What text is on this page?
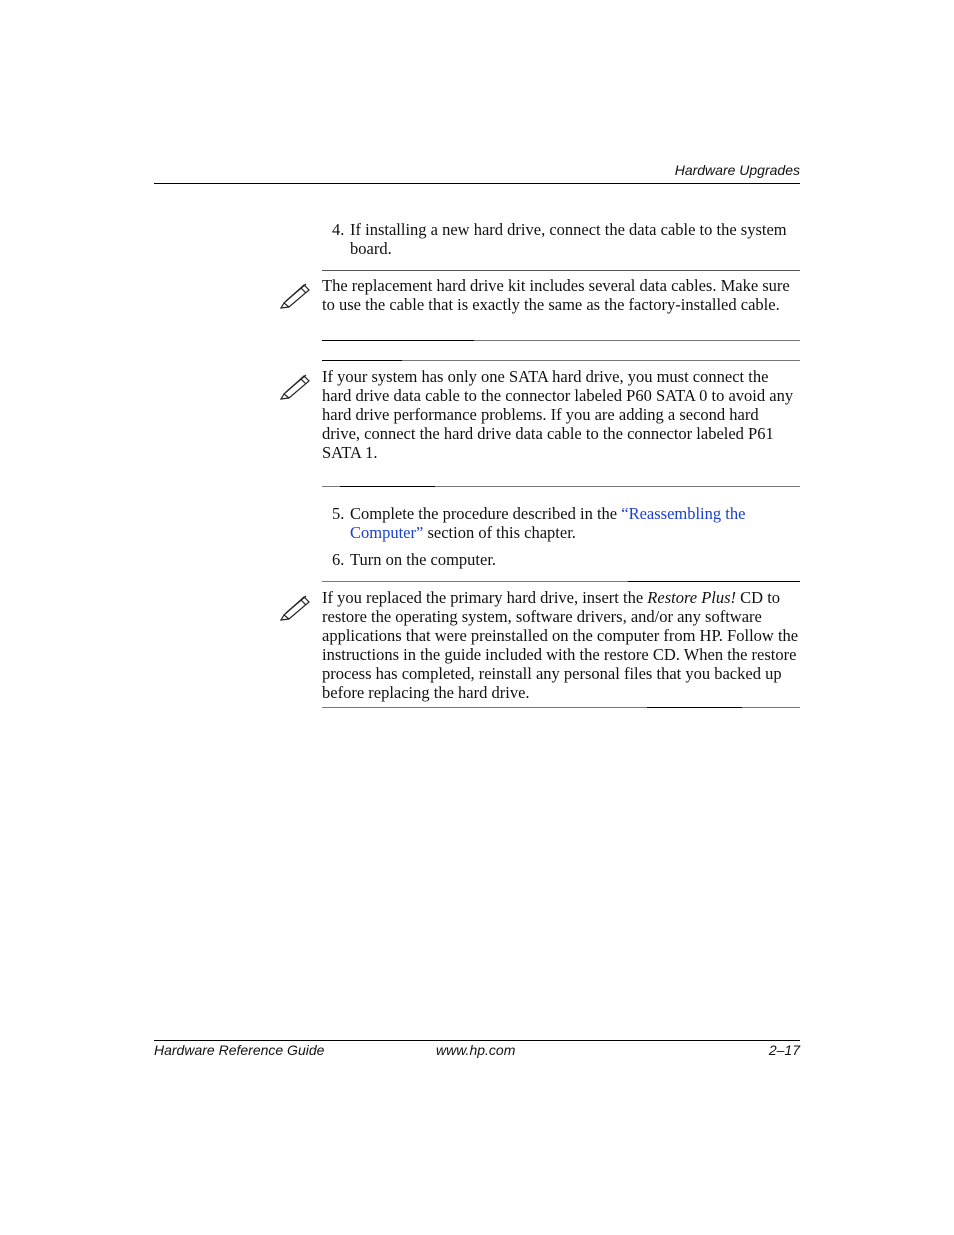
Hardware Upgrades
4. If installing a new hard drive, connect the data cable to the system board.
The replacement hard drive kit includes several data cables. Make sure to use the cable that is exactly the same as the factory-installed cable.
If your system has only one SATA hard drive, you must connect the hard drive data cable to the connector labeled P60 SATA 0 to avoid any hard drive performance problems. If you are adding a second hard drive, connect the hard drive data cable to the connector labeled P61 SATA 1.
5. Complete the procedure described in the “Reassembling the Computer” section of this chapter.
6. Turn on the computer.
If you replaced the primary hard drive, insert the Restore Plus! CD to restore the operating system, software drivers, and/or any software applications that were preinstalled on the computer from HP. Follow the instructions in the guide included with the restore CD. When the restore process has completed, reinstall any personal files that you backed up before replacing the hard drive.
Hardware Reference Guide	www.hp.com	2–17
